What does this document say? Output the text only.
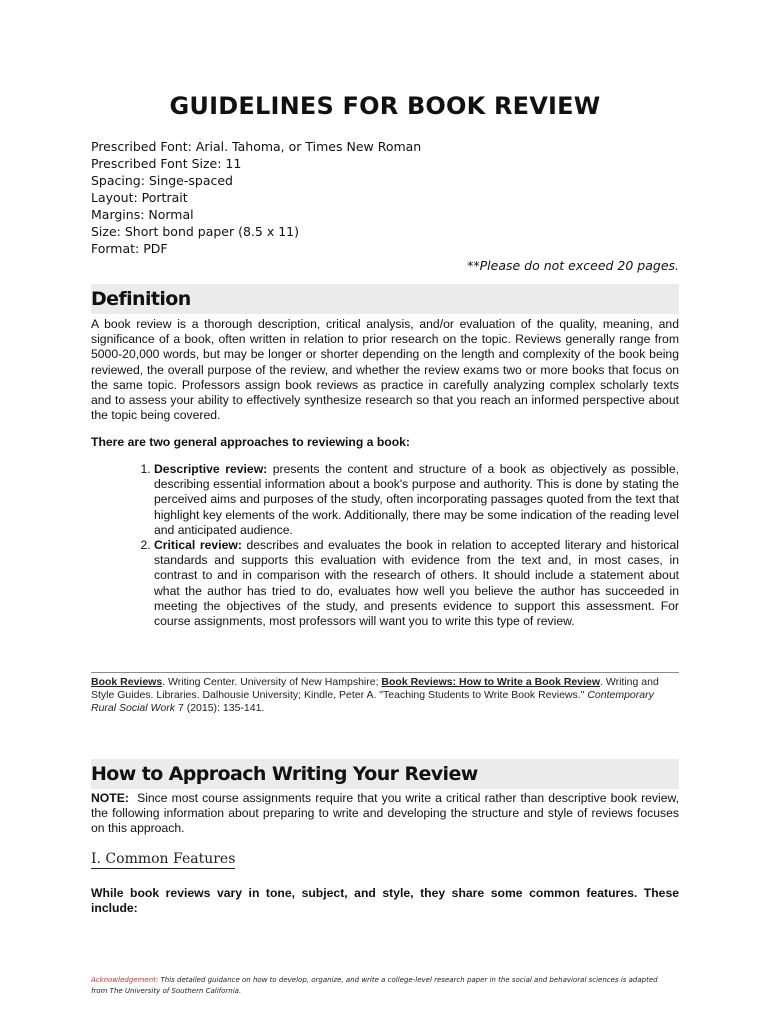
GUIDELINES FOR BOOK REVIEW
Prescribed Font: Arial. Tahoma, or Times New Roman
Prescribed Font Size: 11
Spacing: Singe-spaced
Layout: Portrait
Margins: Normal
Size: Short bond paper (8.5 x 11)
Format: PDF
**Please do not exceed 20 pages.
Definition
A book review is a thorough description, critical analysis, and/or evaluation of the quality, meaning, and significance of a book, often written in relation to prior research on the topic. Reviews generally range from 5000-20,000 words, but may be longer or shorter depending on the length and complexity of the book being reviewed, the overall purpose of the review, and whether the review exams two or more books that focus on the same topic. Professors assign book reviews as practice in carefully analyzing complex scholarly texts and to assess your ability to effectively synthesize research so that you reach an informed perspective about the topic being covered.
There are two general approaches to reviewing a book:
1. Descriptive review: presents the content and structure of a book as objectively as possible, describing essential information about a book's purpose and authority. This is done by stating the perceived aims and purposes of the study, often incorporating passages quoted from the text that highlight key elements of the work. Additionally, there may be some indication of the reading level and anticipated audience.
2. Critical review: describes and evaluates the book in relation to accepted literary and historical standards and supports this evaluation with evidence from the text and, in most cases, in contrast to and in comparison with the research of others. It should include a statement about what the author has tried to do, evaluates how well you believe the author has succeeded in meeting the objectives of the study, and presents evidence to support this assessment. For course assignments, most professors will want you to write this type of review.
Book Reviews. Writing Center. University of New Hampshire; Book Reviews: How to Write a Book Review. Writing and Style Guides. Libraries. Dalhousie University; Kindle, Peter A. "Teaching Students to Write Book Reviews." Contemporary Rural Social Work 7 (2015): 135-141.
How to Approach Writing Your Review
NOTE: Since most course assignments require that you write a critical rather than descriptive book review, the following information about preparing to write and developing the structure and style of reviews focuses on this approach.
I. Common Features
While book reviews vary in tone, subject, and style, they share some common features. These include:
Acknowledgement: This detailed guidance on how to develop, organize, and write a college-level research paper in the social and behavioral sciences is adapted from The University of Southern California.
